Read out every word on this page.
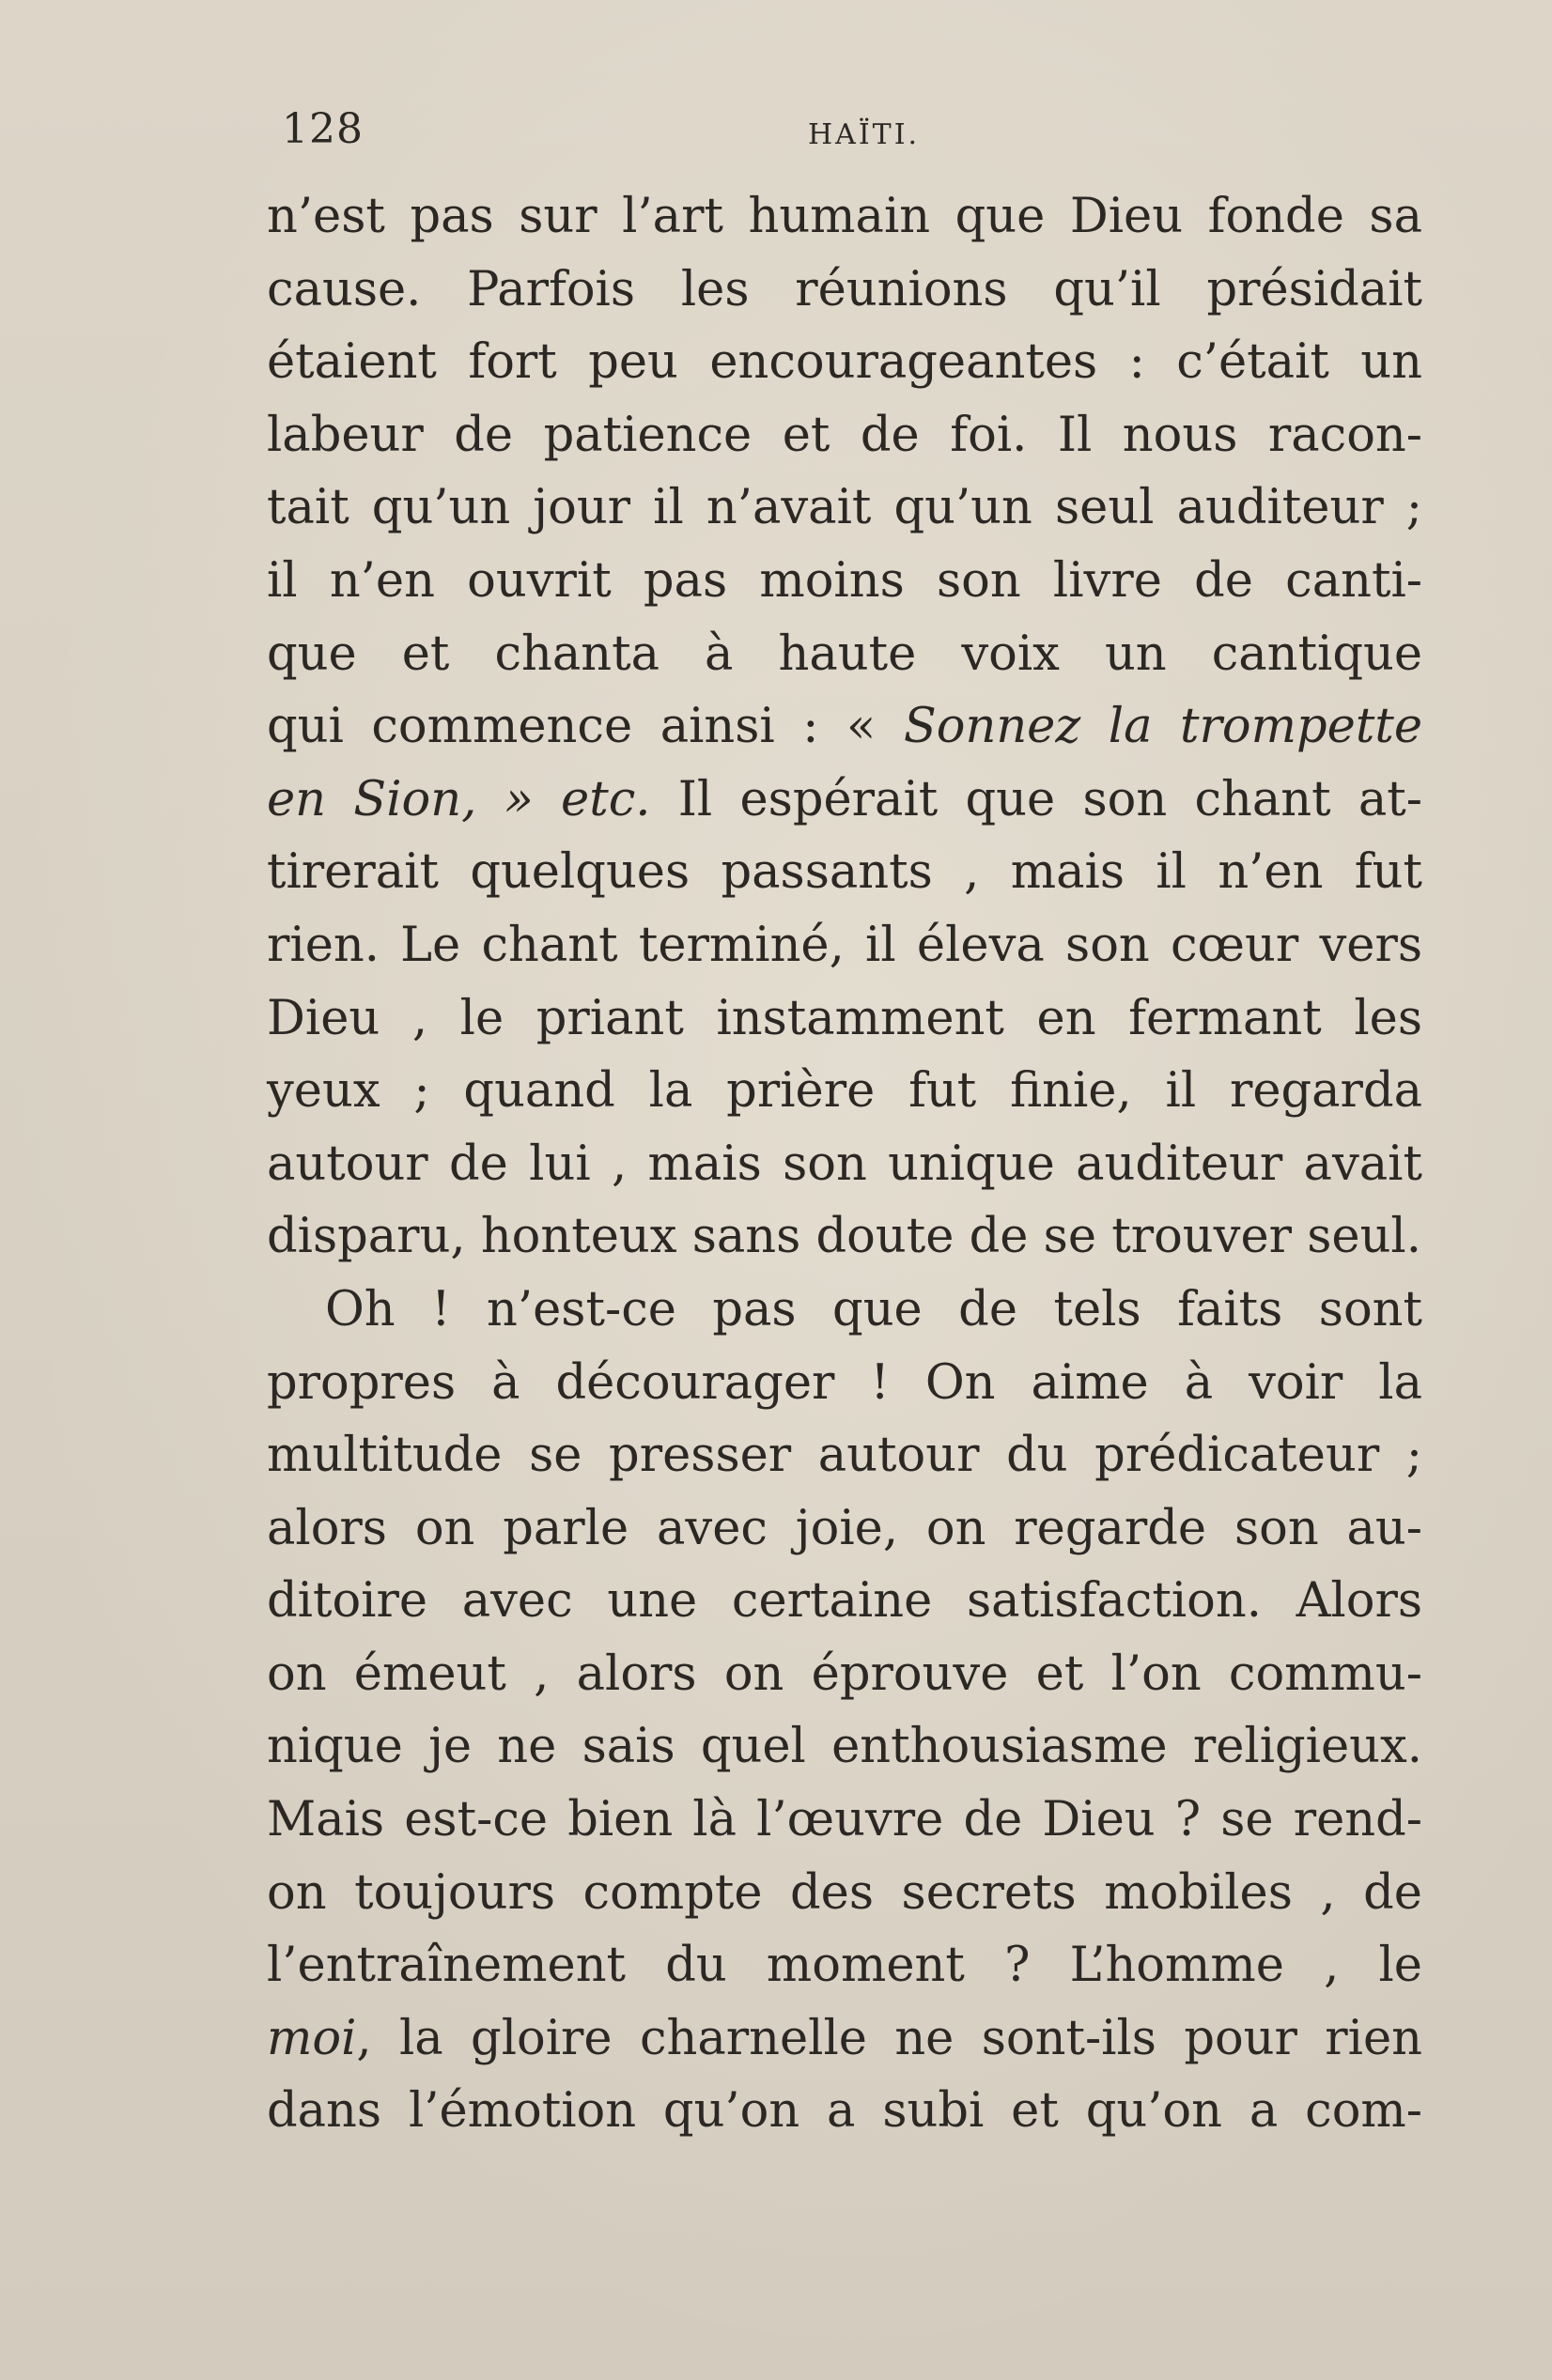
128	HAÏTI.
n’est pas sur l’art humain que Dieu fonde sa
cause. Parfois les réunions qu’il présidait
étaient fort peu encourageantes : c’était un
labeur de patience et de foi. Il nous racon-
tait qu’un jour il n’avait qu’un seul auditeur ;
il n’en ouvrit pas moins son livre de canti-
que et chanta à haute voix un cantique
qui commence ainsi : « Sonnez la trompette
en Sion, » etc. Il espérait que son chant at-
tirerait quelques passants , mais il n’en fut
rien. Le chant terminé, il éleva son cœur vers
Dieu , le priant instamment en fermant les
yeux ; quand la prière fut finie, il regarda
autour de lui , mais son unique auditeur avait
disparu, honteux sans doute de se trouver seul.
Oh ! n’est-ce pas que de tels faits sont
propres à décourager ! On aime à voir la
multitude se presser autour du prédicateur ;
alors on parle avec joie, on regarde son au-
ditoire avec une certaine satisfaction. Alors
on émeut , alors on éprouve et l’on commu-
nique je ne sais quel enthousiasme religieux.
Mais est-ce bien là l’œuvre de Dieu ? se rend-
on toujours compte des secrets mobiles , de
l’entraînement du moment ? L’homme , le
moi, la gloire charnelle ne sont-ils pour rien
dans l’émotion qu’on a subi et qu’on a com-
